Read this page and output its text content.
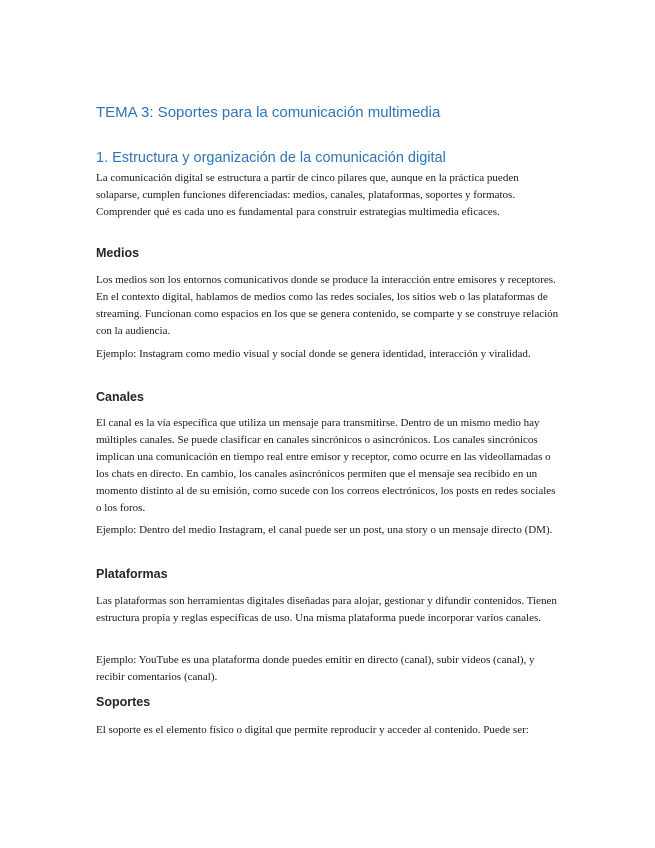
TEMA 3: Soportes para la comunicación multimedia
1. Estructura y organización de la comunicación digital

La comunicación digital se estructura a partir de cinco pilares que, aunque en la práctica pueden solaparse, cumplen funciones diferenciadas: medios, canales, plataformas, soportes y formatos. Comprender qué es cada uno es fundamental para construir estrategias multimedia eficaces.

Medios

Los medios son los entornos comunicativos donde se produce la interacción entre emisores y receptores. En el contexto digital, hablamos de medios como las redes sociales, los sitios web o las plataformas de streaming. Funcionan como espacios en los que se genera contenido, se comparte y se construye relación con la audiencia.

Ejemplo: Instagram como medio visual y social donde se genera identidad, interacción y viralidad.

Canales

El canal es la vía específica que utiliza un mensaje para transmitirse. Dentro de un mismo medio hay múltiples canales. Se puede clasificar en canales sincrónicos o asincrónicos. Los canales sincrónicos implican una comunicación en tiempo real entre emisor y receptor, como ocurre en las videollamadas o los chats en directo. En cambio, los canales asincrónicos permiten que el mensaje sea recibido en un momento distinto al de su emisión, como sucede con los correos electrónicos, los posts en redes sociales o los foros.

Ejemplo: Dentro del medio Instagram, el canal puede ser un post, una story o un mensaje directo (DM).

Plataformas

Las plataformas son herramientas digitales diseñadas para alojar, gestionar y difundir contenidos. Tienen estructura propia y reglas específicas de uso. Una misma plataforma puede incorporar varios canales.

Ejemplo: YouTube es una plataforma donde puedes emitir en directo (canal), subir vídeos (canal), y recibir comentarios (canal).

Soportes

El soporte es el elemento físico o digital que permite reproducir y acceder al contenido. Puede ser:
